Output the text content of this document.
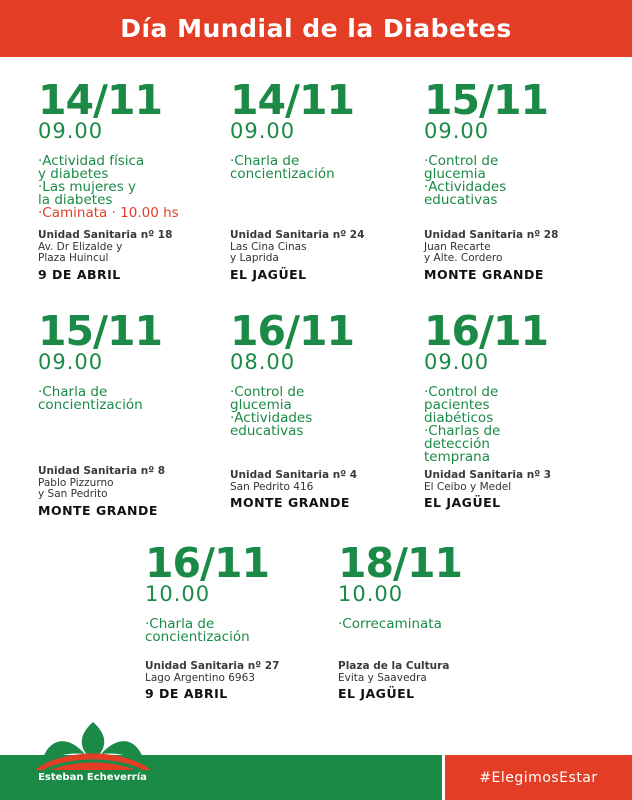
Día Mundial de la Diabetes
14/11
09.00
·Actividad física
y diabetes
·Las mujeres y
la diabetes
·Caminata · 10.00 hs
Unidad Sanitaria nº 18
Av. Dr Elizalde y
Plaza Huincul
9 DE ABRIL
14/11
09.00
·Charla de
concientización
Unidad Sanitaria nº 24
Las Cina Cinas
y Laprida
EL JAGÜEL
15/11
09.00
·Control de
glucemia
·Actividades
educativas
Unidad Sanitaria nº 28
Juan Recarte
y Alte. Cordero
MONTE GRANDE
15/11
09.00
·Charla de
concientización
Unidad Sanitaria nº 8
Pablo Pizzurno
y San Pedrito
MONTE GRANDE
16/11
08.00
·Control de
glucemia
·Actividades
educativas
Unidad Sanitaria nº 4
San Pedrito 416
MONTE GRANDE
16/11
09.00
·Control de
pacientes
diabéticos
·Charlas de
detección
temprana
Unidad Sanitaria nº 3
El Ceibo y Medel
EL JAGÜEL
16/11
10.00
·Charla de
concientización
Unidad Sanitaria nº 27
Lago Argentino 6963
9 DE ABRIL
18/11
10.00
·Correcaminata
Plaza de la Cultura
Evita y Saavedra
EL JAGÜEL
#ElegimosEstar
Esteban Echeverría
